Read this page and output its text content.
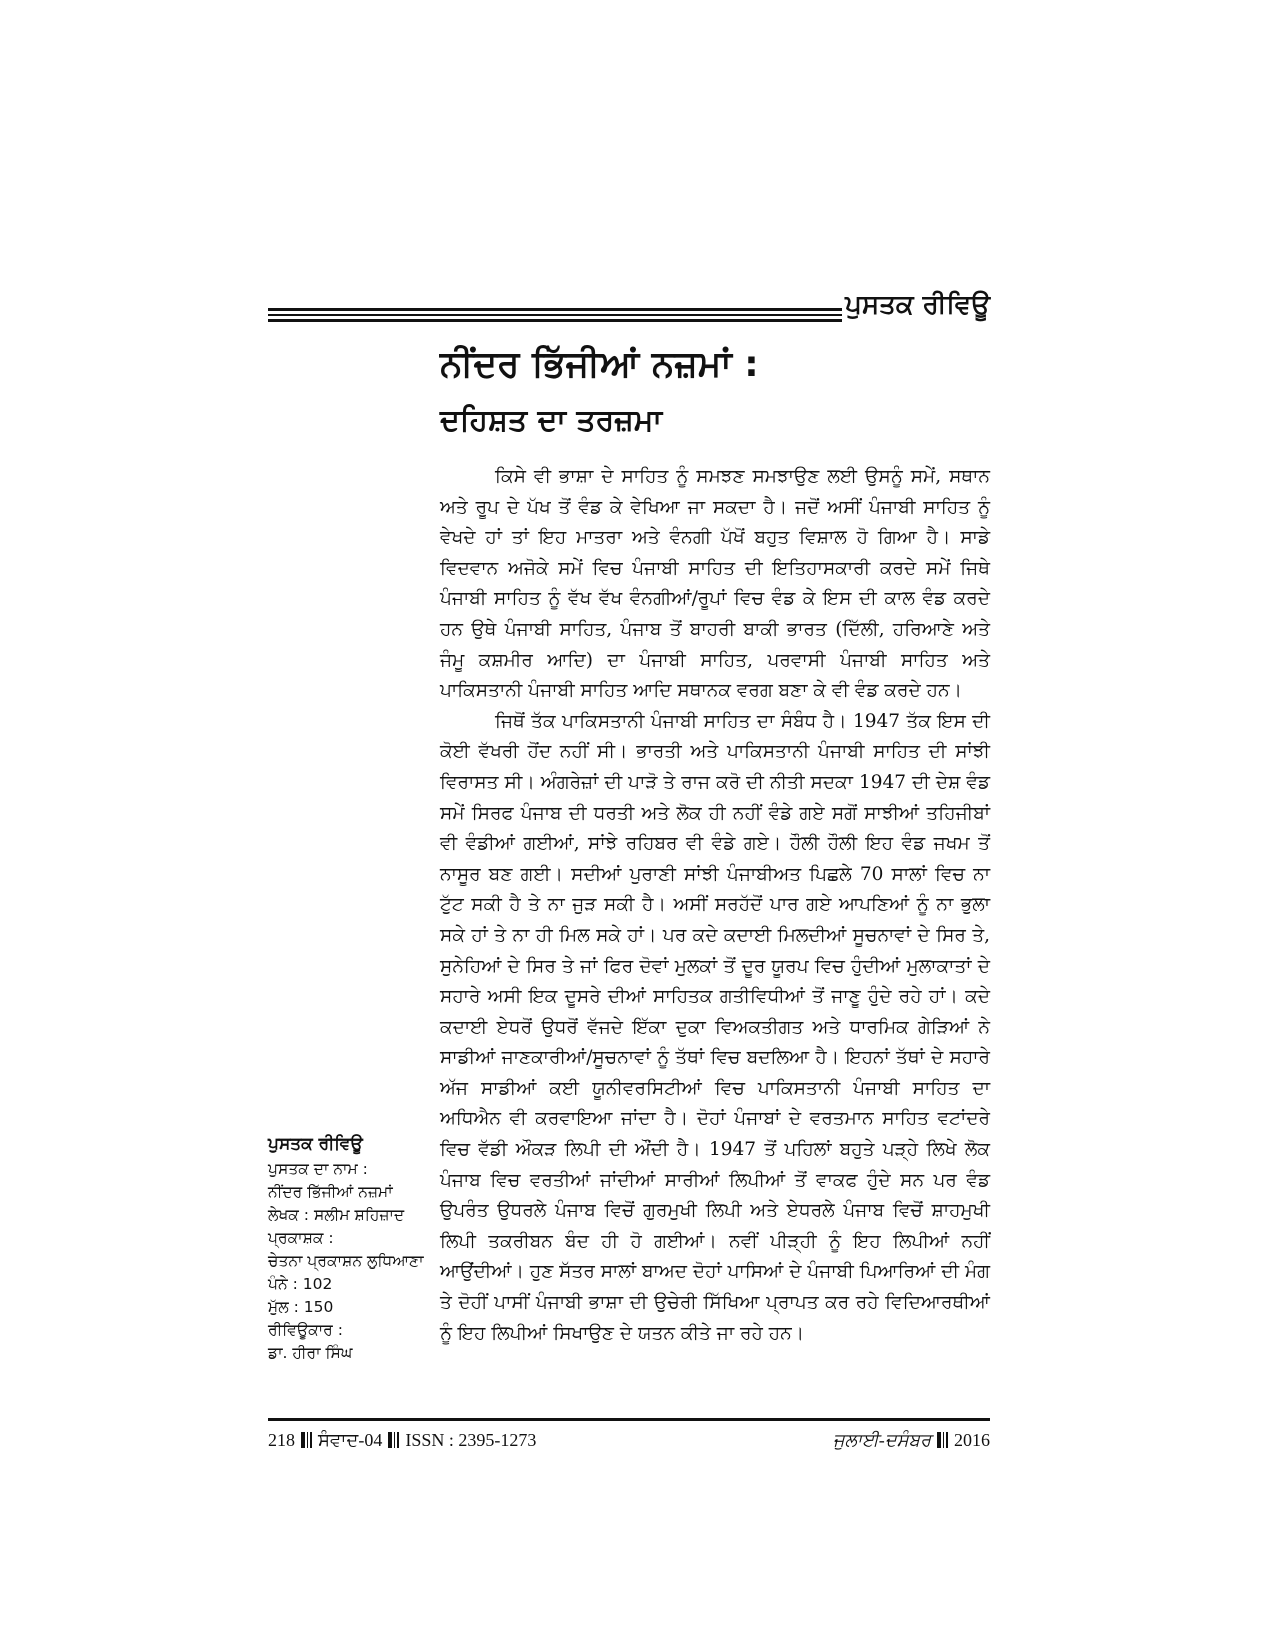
ਪੁਸਤਕ ਰੀਵਿਊ
ਨੀਂਦਰ ਭਿੱਜੀਆਂ ਨਜ਼ਮਾਂ :
ਦਹਿਸ਼ਤ ਦਾ ਤਰਜ਼ਮਾ

ਕਿਸੇ ਵੀ ਭਾਸ਼ਾ ਦੇ ਸਾਹਿਤ ਨੂੰ ਸਮਝਣ ਸਮਝਾਉਣ ਲਈ ਉਸਨੂੰ ਸਮੇਂ, ਸਥਾਨ ਅਤੇ ਰੂਪ ਦੇ ਪੱਖ ਤੋਂ ਵੰਡ ਕੇ ਵੇਖਿਆ ਜਾ ਸਕਦਾ ਹੈ। ਜਦੋਂ ਅਸੀਂ ਪੰਜਾਬੀ ਸਾਹਿਤ ਨੂੰ ਵੇਖਦੇ ਹਾਂ ਤਾਂ ਇਹ ਮਾਤਰਾ ਅਤੇ ਵੰਨਗੀ ਪੱਖੋਂ ਬਹੁਤ ਵਿਸ਼ਾਲ ਹੋ ਗਿਆ ਹੈ। ਸਾਡੇ ਵਿਦਵਾਨ ਅਜੋਕੇ ਸਮੇਂ ਵਿਚ ਪੰਜਾਬੀ ਸਾਹਿਤ ਦੀ ਇਤਿਹਾਸਕਾਰੀ ਕਰਦੇ ਸਮੇਂ ਜਿਥੇ ਪੰਜਾਬੀ ਸਾਹਿਤ ਨੂੰ ਵੱਖ ਵੱਖ ਵੰਨਗੀਆਂ/ਰੂਪਾਂ ਵਿਚ ਵੰਡ ਕੇ ਇਸ ਦੀ ਕਾਲ ਵੰਡ ਕਰਦੇ ਹਨ ਉਥੇ ਪੰਜਾਬੀ ਸਾਹਿਤ, ਪੰਜਾਬ ਤੋਂ ਬਾਹਰੀ ਬਾਕੀ ਭਾਰਤ (ਦਿੱਲੀ, ਹਰਿਆਣੇ ਅਤੇ ਜੰਮੂ ਕਸ਼ਮੀਰ ਆਦਿ) ਦਾ ਪੰਜਾਬੀ ਸਾਹਿਤ, ਪਰਵਾਸੀ ਪੰਜਾਬੀ ਸਾਹਿਤ ਅਤੇ ਪਾਕਿਸਤਾਨੀ ਪੰਜਾਬੀ ਸਾਹਿਤ ਆਦਿ ਸਥਾਨਕ ਵਰਗ ਬਣਾ ਕੇ ਵੀ ਵੰਡ ਕਰਦੇ ਹਨ।

ਜਿਥੋਂ ਤੱਕ ਪਾਕਿਸਤਾਨੀ ਪੰਜਾਬੀ ਸਾਹਿਤ ਦਾ ਸੰਬੰਧ ਹੈ। 1947 ਤੱਕ ਇਸ ਦੀ ਕੋਈ ਵੱਖਰੀ ਹੋਂਦ ਨਹੀਂ ਸੀ। ਭਾਰਤੀ ਅਤੇ ਪਾਕਿਸਤਾਨੀ ਪੰਜਾਬੀ ਸਾਹਿਤ ਦੀ ਸਾਂਝੀ ਵਿਰਾਸਤ ਸੀ। ਅੰਗਰੇਜ਼ਾਂ ਦੀ ਪਾੜੋ ਤੇ ਰਾਜ ਕਰੋ ਦੀ ਨੀਤੀ ਸਦਕਾ 1947 ਦੀ ਦੇਸ਼ ਵੰਡ ਸਮੇਂ ਸਿਰਫ ਪੰਜਾਬ ਦੀ ਧਰਤੀ ਅਤੇ ਲੋਕ ਹੀ ਨਹੀਂ ਵੰਡੇ ਗਏ ਸਗੋਂ ਸਾਝੀਆਂ ਤਹਿਜੀਬਾਂ ਵੀ ਵੰਡੀਆਂ ਗਈਆਂ, ਸਾਂਝੇ ਰਹਿਬਰ ਵੀ ਵੰਡੇ ਗਏ। ਹੌਲੀ ਹੌਲੀ ਇਹ ਵੰਡ ਜਖਮ ਤੋਂ ਨਾਸੂਰ ਬਣ ਗਈ। ਸਦੀਆਂ ਪੁਰਾਣੀ ਸਾਂਝੀ ਪੰਜਾਬੀਅਤ ਪਿਛਲੇ 70 ਸਾਲਾਂ ਵਿਚ ਨਾ ਟੁੱਟ ਸਕੀ ਹੈ ਤੇ ਨਾ ਜੁੜ ਸਕੀ ਹੈ। ਅਸੀਂ ਸਰਹੱਦੋਂ ਪਾਰ ਗਏ ਆਪਣਿਆਂ ਨੂੰ ਨਾ ਭੁਲਾ ਸਕੇ ਹਾਂ ਤੇ ਨਾ ਹੀ ਮਿਲ ਸਕੇ ਹਾਂ। ਪਰ ਕਦੇ ਕਦਾਈ ਮਿਲਦੀਆਂ ਸੂਚਨਾਵਾਂ ਦੇ ਸਿਰ ਤੇ, ਸੁਨੇਹਿਆਂ ਦੇ ਸਿਰ ਤੇ ਜਾਂ ਫਿਰ ਦੋਵਾਂ ਮੁਲਕਾਂ ਤੋਂ ਦੂਰ ਯੂਰਪ ਵਿਚ ਹੁੰਦੀਆਂ ਮੁਲਾਕਾਤਾਂ ਦੇ ਸਹਾਰੇ ਅਸੀ ਇਕ ਦੂਸਰੇ ਦੀਆਂ ਸਾਹਿਤਕ ਗਤੀਵਿਧੀਆਂ ਤੋਂ ਜਾਣੂ ਹੁੰਦੇ ਰਹੇ ਹਾਂ। ਕਦੇ ਕਦਾਈ ਏਧਰੋਂ ਉਧਰੋਂ ਵੱਜਦੇ ਇੱਕਾ ਦੁਕਾ ਵਿਅਕਤੀਗਤ ਅਤੇ ਧਾਰਮਿਕ ਗੇੜਿਆਂ ਨੇ ਸਾਡੀਆਂ ਜਾਣਕਾਰੀਆਂ/ਸੂਚਨਾਵਾਂ ਨੂੰ ਤੱਥਾਂ ਵਿਚ ਬਦਲਿਆ ਹੈ। ਇਹਨਾਂ ਤੱਥਾਂ ਦੇ ਸਹਾਰੇ ਅੱਜ ਸਾਡੀਆਂ ਕਈ ਯੂਨੀਵਰਸਿਟੀਆਂ ਵਿਚ ਪਾਕਿਸਤਾਨੀ ਪੰਜਾਬੀ ਸਾਹਿਤ ਦਾ ਅਧਿਐਨ ਵੀ ਕਰਵਾਇਆ ਜਾਂਦਾ ਹੈ। ਦੋਹਾਂ ਪੰਜਾਬਾਂ ਦੇ ਵਰਤਮਾਨ ਸਾਹਿਤ ਵਟਾਂਦਰੇ ਵਿਚ ਵੱਡੀ ਔਕੜ ਲਿਪੀ ਦੀ ਔਂਦੀ ਹੈ। 1947 ਤੋਂ ਪਹਿਲਾਂ ਬਹੁਤੇ ਪੜ੍ਹੇ ਲਿਖੇ ਲੋਕ ਪੰਜਾਬ ਵਿਚ ਵਰਤੀਆਂ ਜਾਂਦੀਆਂ ਸਾਰੀਆਂ ਲਿਪੀਆਂ ਤੋਂ ਵਾਕਫ ਹੁੰਦੇ ਸਨ ਪਰ ਵੰਡ ਉਪਰੰਤ ਉਧਰਲੇ ਪੰਜਾਬ ਵਿਚੋਂ ਗੁਰਮੁਖੀ ਲਿਪੀ ਅਤੇ ਏਧਰਲੇ ਪੰਜਾਬ ਵਿਚੋਂ ਸ਼ਾਹਮੁਖੀ ਲਿਪੀ ਤਕਰੀਬਨ ਬੰਦ ਹੀ ਹੋ ਗਈਆਂ। ਨਵੀਂ ਪੀੜ੍ਹੀ ਨੂੰ ਇਹ ਲਿਪੀਆਂ ਨਹੀਂ ਆਉਂਦੀਆਂ। ਹੁਣ ਸੱਤਰ ਸਾਲਾਂ ਬਾਅਦ ਦੋਹਾਂ ਪਾਸਿਆਂ ਦੇ ਪੰਜਾਬੀ ਪਿਆਰਿਆਂ ਦੀ ਮੰਗ ਤੇ ਦੋਹੀਂ ਪਾਸੀਂ ਪੰਜਾਬੀ ਭਾਸ਼ਾ ਦੀ ਉਚੇਰੀ ਸਿੱਖਿਆ ਪ੍ਰਾਪਤ ਕਰ ਰਹੇ ਵਿਦਿਆਰਥੀਆਂ ਨੂੰ ਇਹ ਲਿਪੀਆਂ ਸਿਖਾਉਣ ਦੇ ਯਤਨ ਕੀਤੇ ਜਾ ਰਹੇ ਹਨ।

ਪੁਸਤਕ ਰੀਵਿਊ
ਪੁਸਤਕ ਦਾ ਨਾਮ :
ਨੀਂਦਰ ਭਿੱਜੀਆਂ ਨਜ਼ਮਾਂ
ਲੇਖਕ : ਸਲੀਮ ਸ਼ਹਿਜ਼ਾਦ
ਪ੍ਰਕਾਸ਼ਕ :
ਚੇਤਨਾ ਪ੍ਰਕਾਸ਼ਨ ਲੁਧਿਆਣਾ
ਪੰਨੇ : 102
ਮੁੱਲ : 150
ਰੀਵਿਊਕਾਰ :
ਡਾ. ਹੀਰਾ ਸਿੰਘ
218 ਸੰਵਾਦ-04 ISSN : 2395-1273	ਜੁਲਾਈ-ਦਸੰਬਰ 2016
